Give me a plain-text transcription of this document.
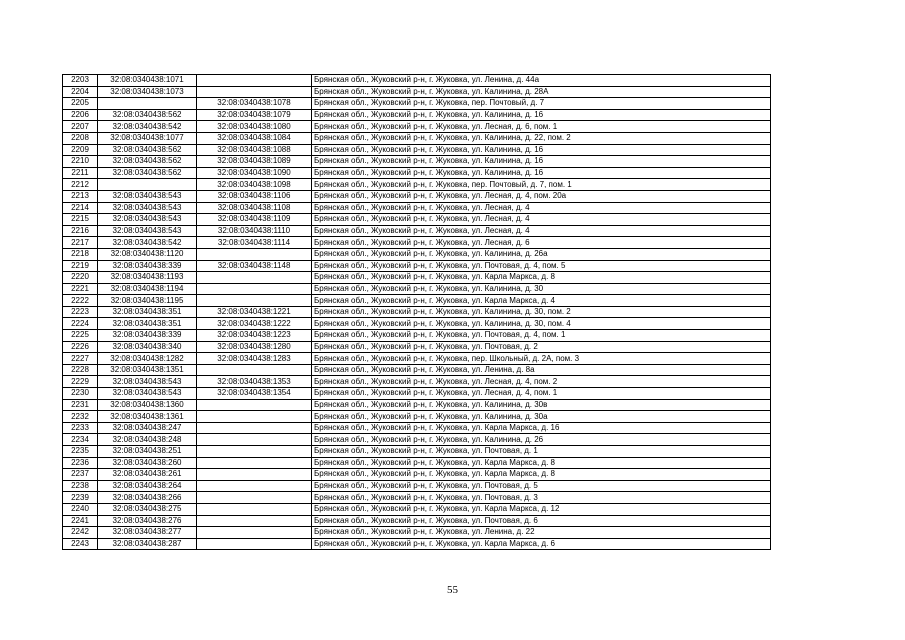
2203	32:08:0340438:1071		Брянская обл., Жуковский р-н, г. Жуковка, ул. Ленина, д. 44а
2204	32:08:0340438:1073		Брянская обл., Жуковский р-н, г. Жуковка, ул. Калинина, д. 28А
2205		32:08:0340438:1078	Брянская обл., Жуковский р-н, г. Жуковка, пер. Почтовый, д. 7
2206	32:08:0340438:562	32:08:0340438:1079	Брянская обл., Жуковский р-н, г. Жуковка, ул. Калинина, д. 16
2207	32:08:0340438:542	32:08:0340438:1080	Брянская обл., Жуковский р-н, г. Жуковка, ул. Лесная, д. 6, пом. 1
2208	32:08:0340438:1077	32:08:0340438:1084	Брянская обл., Жуковский р-н, г. Жуковка, ул. Калинина, д. 22, пом. 2
2209	32:08:0340438:562	32:08:0340438:1088	Брянская обл., Жуковский р-н, г. Жуковка, ул. Калинина, д. 16
2210	32:08:0340438:562	32:08:0340438:1089	Брянская обл., Жуковский р-н, г. Жуковка, ул. Калинина, д. 16
2211	32:08:0340438:562	32:08:0340438:1090	Брянская обл., Жуковский р-н, г. Жуковка, ул. Калинина, д. 16
2212		32:08:0340438:1098	Брянская обл., Жуковский р-н, г. Жуковка, пер. Почтовый, д. 7, пом. 1
2213	32:08:0340438:543	32:08:0340438:1106	Брянская обл., Жуковский р-н, г. Жуковка, ул. Лесная, д. 4, пом. 20а
2214	32:08:0340438:543	32:08:0340438:1108	Брянская обл., Жуковский р-н, г. Жуковка, ул. Лесная, д. 4
2215	32:08:0340438:543	32:08:0340438:1109	Брянская обл., Жуковский р-н, г. Жуковка, ул. Лесная, д. 4
2216	32:08:0340438:543	32:08:0340438:1110	Брянская обл., Жуковский р-н, г. Жуковка, ул. Лесная, д. 4
2217	32:08:0340438:542	32:08:0340438:1114	Брянская обл., Жуковский р-н, г. Жуковка, ул. Лесная, д. 6
2218	32:08:0340438:1120		Брянская обл., Жуковский р-н, г. Жуковка, ул. Калинина, д. 26а
2219	32:08:0340438:339	32:08:0340438:1148	Брянская обл., Жуковский р-н, г. Жуковка, ул. Почтовая, д. 4, пом. 5
2220	32:08:0340438:1193		Брянская обл., Жуковский р-н, г. Жуковка, ул. Карла Маркса, д. 8
2221	32:08:0340438:1194		Брянская обл., Жуковский р-н, г. Жуковка, ул. Калинина, д. 30
2222	32:08:0340438:1195		Брянская обл., Жуковский р-н, г. Жуковка, ул. Карла Маркса, д. 4
2223	32:08:0340438:351	32:08:0340438:1221	Брянская обл., Жуковский р-н, г. Жуковка, ул. Калинина, д. 30, пом. 2
2224	32:08:0340438:351	32:08:0340438:1222	Брянская обл., Жуковский р-н, г. Жуковка, ул. Калинина, д. 30, пом. 4
2225	32:08:0340438:339	32:08:0340438:1223	Брянская обл., Жуковский р-н, г. Жуковка, ул. Почтовая, д. 4, пом. 1
2226	32:08:0340438:340	32:08:0340438:1280	Брянская обл., Жуковский р-н, г. Жуковка, ул. Почтовая, д. 2
2227	32:08:0340438:1282	32:08:0340438:1283	Брянская обл., Жуковский р-н, г. Жуковка, пер. Школьный, д. 2А, пом. 3
2228	32:08:0340438:1351		Брянская обл., Жуковский р-н, г. Жуковка, ул. Ленина, д. 8а
2229	32:08:0340438:543	32:08:0340438:1353	Брянская обл., Жуковский р-н, г. Жуковка, ул. Лесная, д. 4, пом. 2
2230	32:08:0340438:543	32:08:0340438:1354	Брянская обл., Жуковский р-н, г. Жуковка, ул. Лесная, д. 4, пом. 1
2231	32:08:0340438:1360		Брянская обл., Жуковский р-н, г. Жуковка, ул. Калинина, д. 30в
2232	32:08:0340438:1361		Брянская обл., Жуковский р-н, г. Жуковка, ул. Калинина, д. 30а
2233	32:08:0340438:247		Брянская обл., Жуковский р-н, г. Жуковка, ул. Карла Маркса, д. 16
2234	32:08:0340438:248		Брянская обл., Жуковский р-н, г. Жуковка, ул. Калинина, д. 26
2235	32:08:0340438:251		Брянская обл., Жуковский р-н, г. Жуковка, ул. Почтовая, д. 1
2236	32:08:0340438:260		Брянская обл., Жуковский р-н, г. Жуковка, ул. Карла Маркса, д. 8
2237	32:08:0340438:261		Брянская обл., Жуковский р-н, г. Жуковка, ул. Карла Маркса, д. 8
2238	32:08:0340438:264		Брянская обл., Жуковский р-н, г. Жуковка, ул. Почтовая, д. 5
2239	32:08:0340438:266		Брянская обл., Жуковский р-н, г. Жуковка, ул. Почтовая, д. 3
2240	32:08:0340438:275		Брянская обл., Жуковский р-н, г. Жуковка, ул. Карла Маркса, д. 12
2241	32:08:0340438:276		Брянская обл., Жуковский р-н, г. Жуковка, ул. Почтовая, д. 6
2242	32:08:0340438:277		Брянская обл., Жуковский р-н, г. Жуковка, ул. Ленина, д. 22
2243	32:08:0340438:287		Брянская обл., Жуковский р-н, г. Жуковка, ул. Карла Маркса, д. 6
55
